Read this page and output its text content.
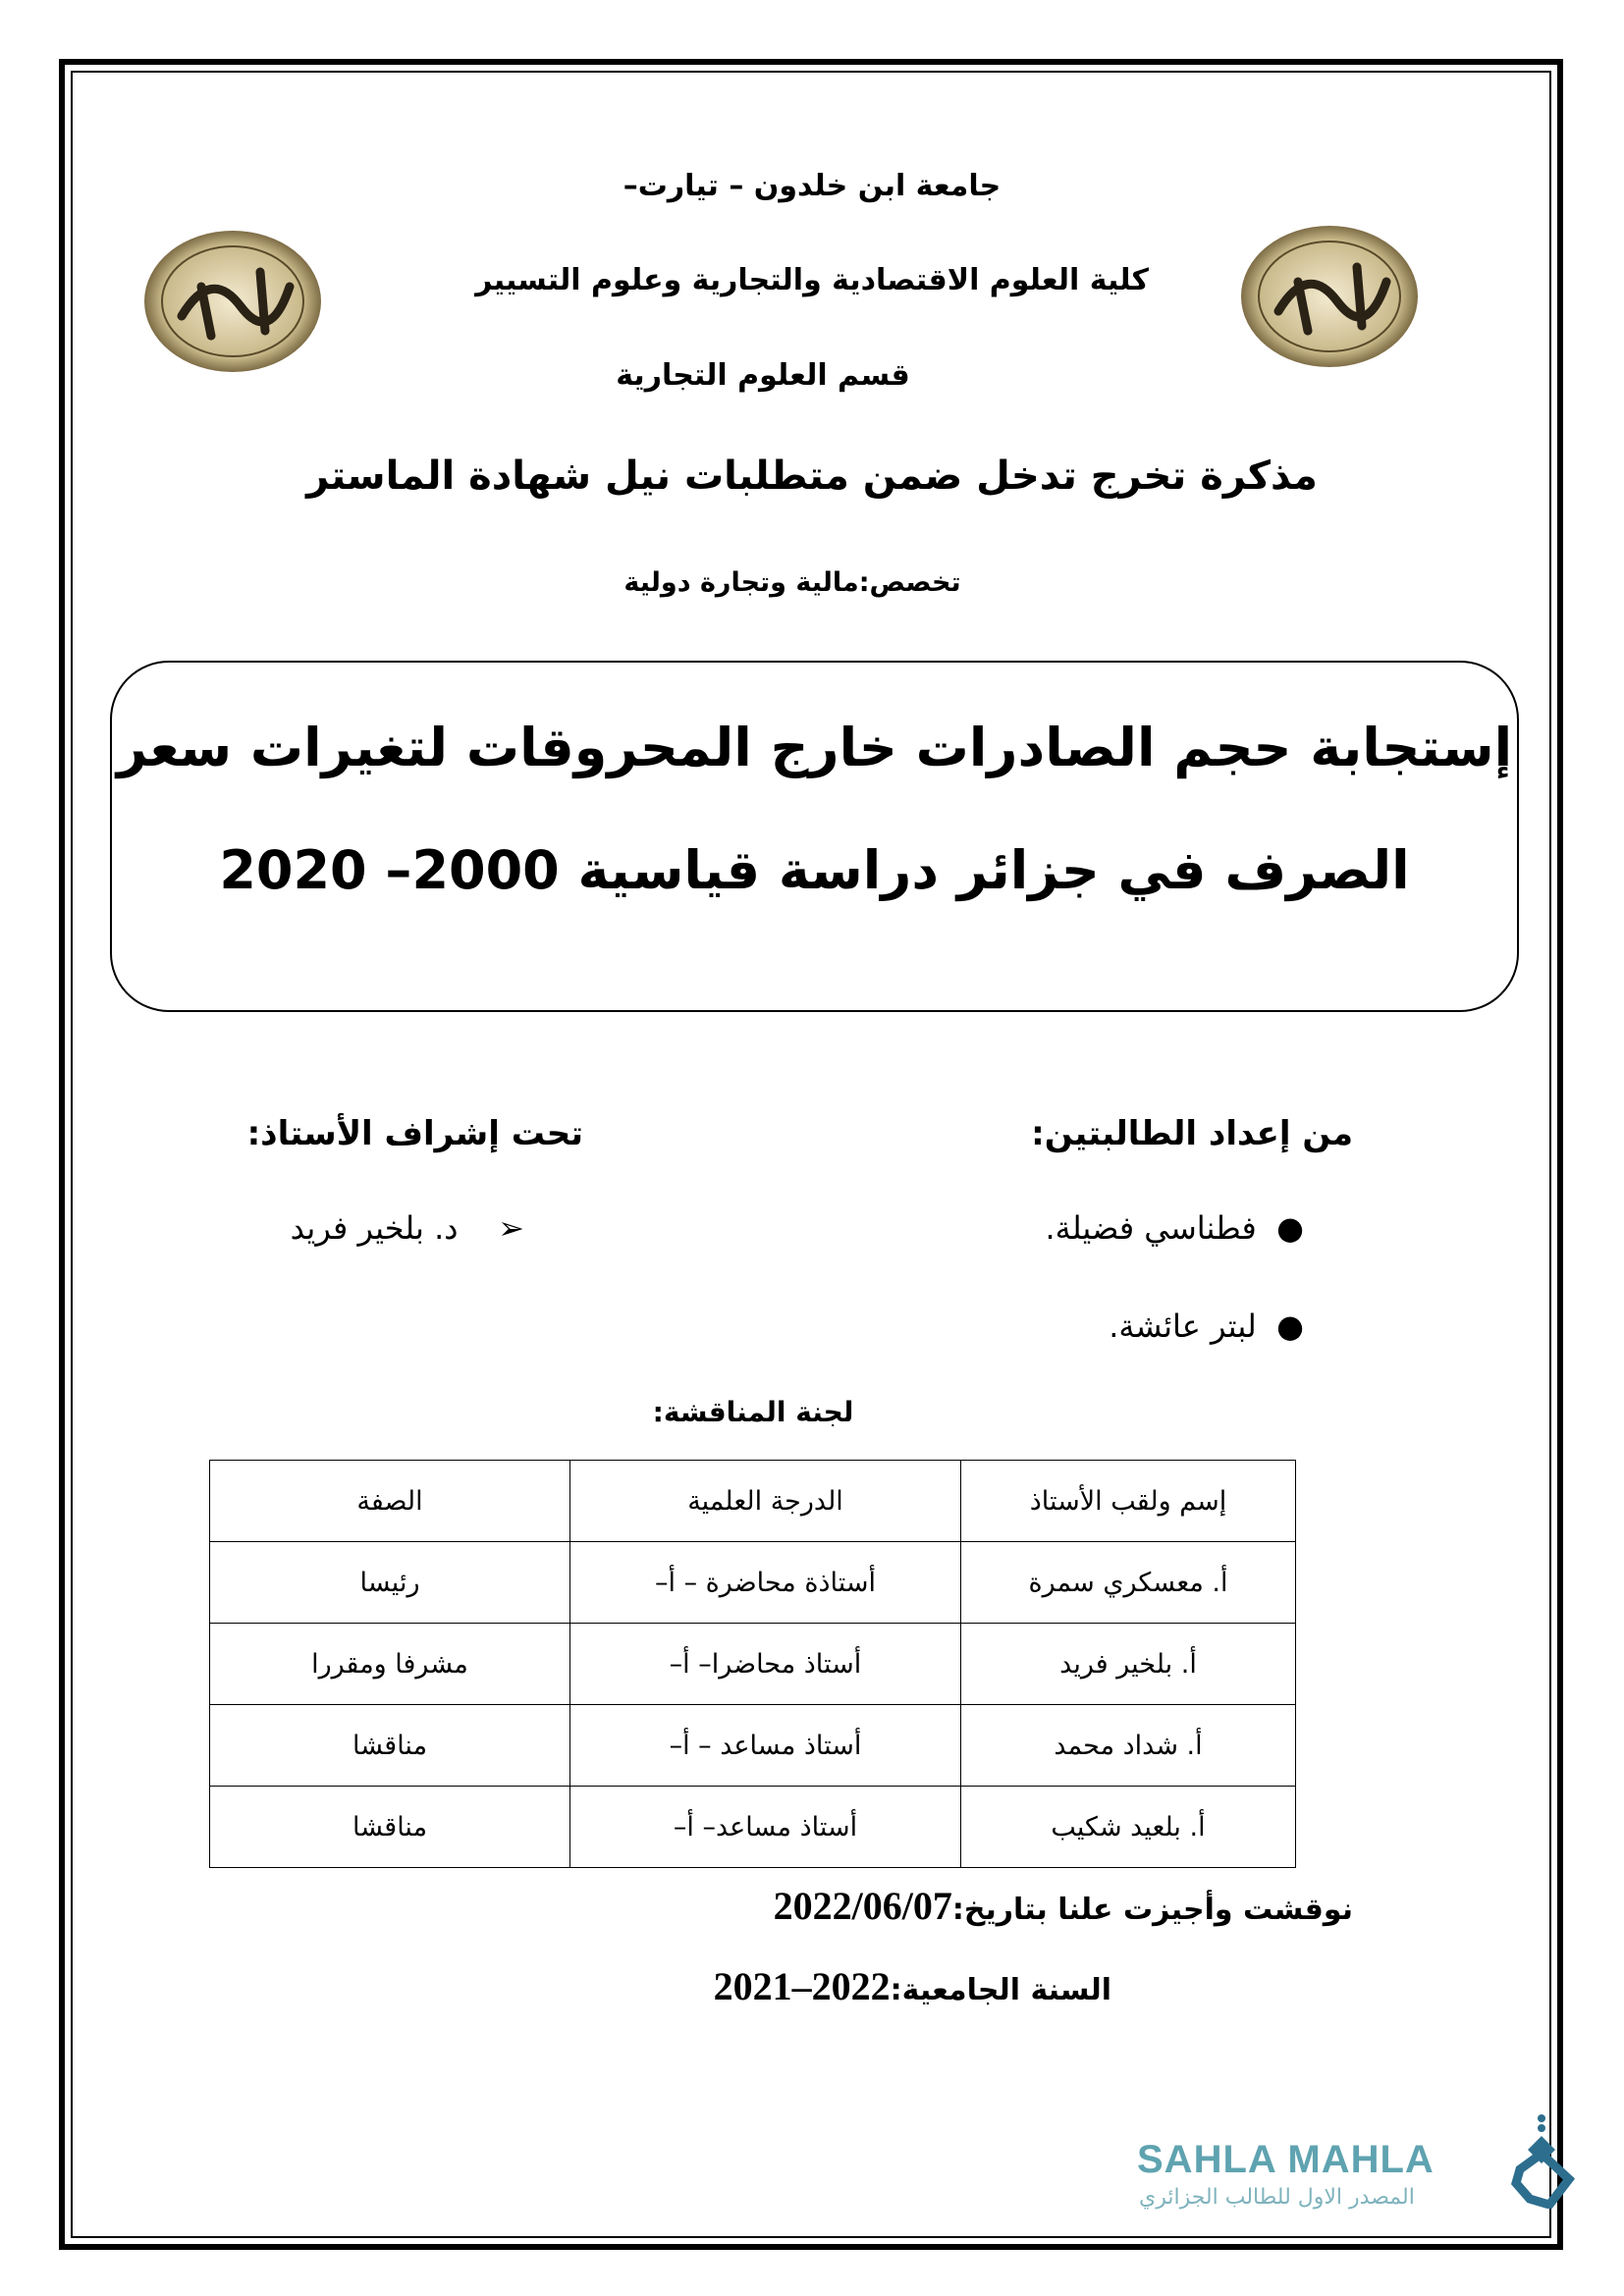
جامعة ابن خلدون – تيارت–
كلية العلوم الاقتصادية والتجارية وعلوم التسيير
قسم العلوم التجارية
مذكرة تخرج تدخل ضمن متطلبات نيل شهادة الماستر
تخصص:مالية وتجارة دولية
إستجابة حجم الصادرات خارج المحروقات لتغيرات سعر
الصرف في جزائر دراسة قياسية 2000– 2020
من إعداد الطالبتين:
●  فطناسي فضيلة.
●  لبتر عائشة.
تحت إشراف الأستاذ:
➢    د. بلخير فريد
لجنة المناقشة:
إسم ولقب الأستاذ	الدرجة العلمية	الصفة
أ. معسكري سمرة	أستاذة محاضرة – أ–	رئيسا
أ. بلخير فريد	أستاذ محاضرا– أ–	مشرفا ومقررا
أ. شداد محمد	أستاذ مساعد – أ–	مناقشا
أ. بلعيد شكيب	أستاذ مساعد– أ–	مناقشا
نوقشت وأجيزت علنا بتاريخ:2022/06/07
السنة الجامعية:2021–2022
SAHLA MAHLA
المصدر الاول للطالب الجزائري
